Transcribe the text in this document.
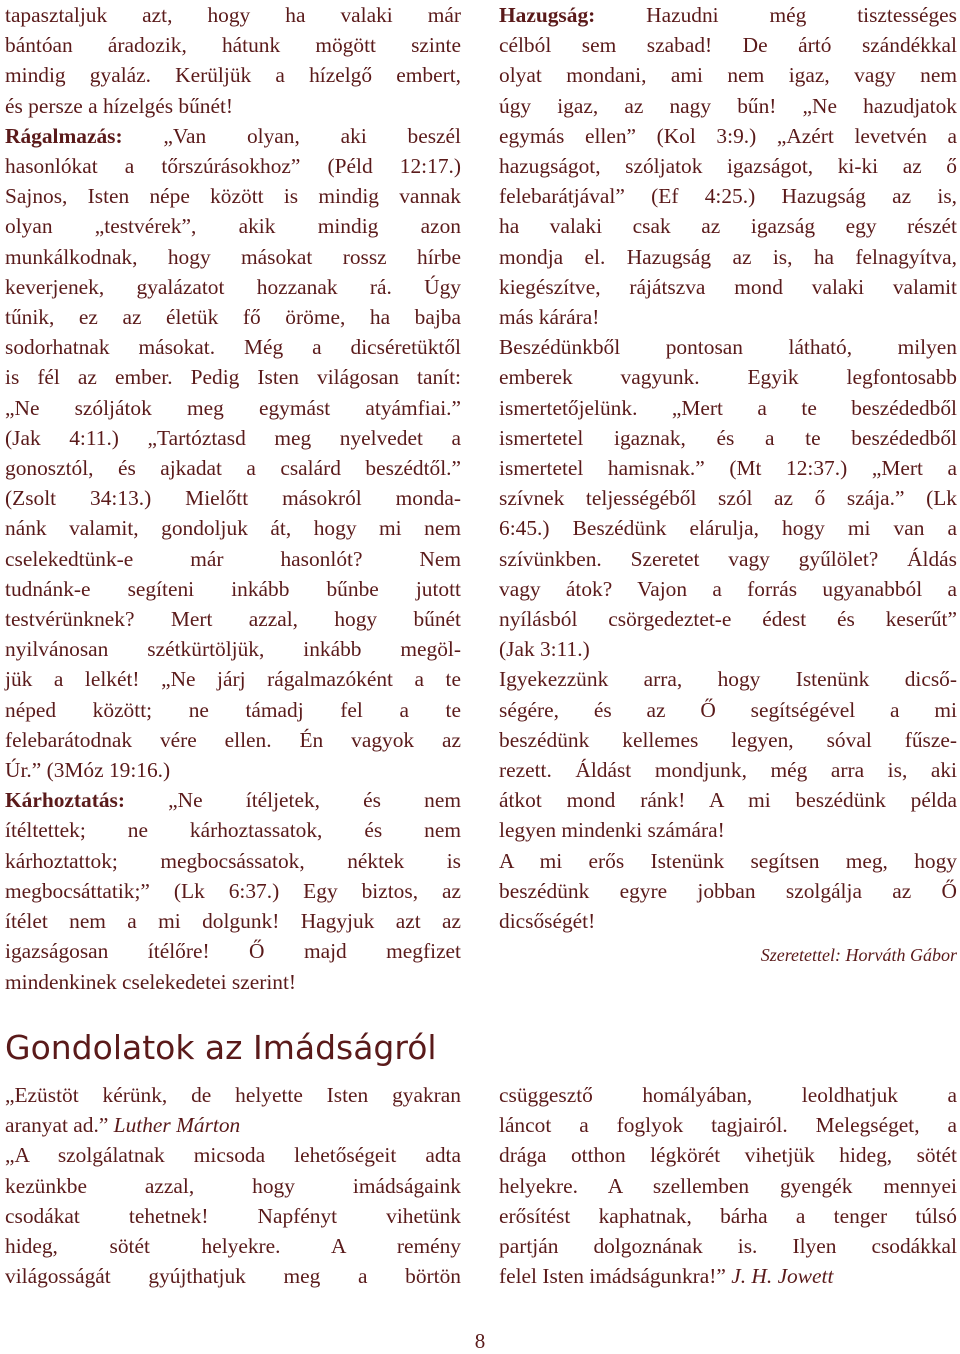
tapasztaljuk azt, hogy ha valaki már
bántóan áradozik, hátunk mögött szinte
mindig gyaláz. Kerüljük a hízelgő embert,
és persze a hízelgés bűnét!
Rágalmazás: „Van olyan, aki beszél
hasonlókat a tőrszúrásokhoz” (Péld 12:17.)
Sajnos, Isten népe között is mindig vannak
olyan „testvérek”, akik mindig azon
munkálkodnak, hogy másokat rossz hírbe
keverjenek, gyalázatot hozzanak rá. Úgy
tűnik, ez az életük fő öröme, ha bajba
sodorhatnak másokat. Még a dicséretüktől
is fél az ember. Pedig Isten világosan tanít:
„Ne szóljátok meg egymást atyámfiai.”
(Jak 4:11.) „Tartóztasd meg nyelvedet a
gonosztól, és ajkadat a csalárd beszédtől.”
(Zsolt 34:13.) Mielőtt másokról monda-
nánk valamit, gondoljuk át, hogy mi nem
cselekedtünk-e már hasonlót? Nem
tudnánk-e segíteni inkább bűnbe jutott
testvérünknek? Mert azzal, hogy bűnét
nyilvánosan szétkürtöljük, inkább megöl-
jük a lelkét! „Ne járj rágalmazóként a te
néped között; ne támadj fel a te
felebarátodnak vére ellen. Én vagyok az
Úr.” (3Móz 19:16.)
Kárhoztatás: „Ne ítéljetek, és nem
ítéltettek; ne kárhoztassatok, és nem
kárhoztattok; megbocsássatok, néktek is
megbocsáttatik;” (Lk 6:37.) Egy biztos, az
ítélet nem a mi dolgunk! Hagyjuk azt az
igazságosan ítélőre! Ő majd megfizet
mindenkinek cselekedetei szerint!
Hazugság: Hazudni még tisztességes
célból sem szabad! De ártó szándékkal
olyat mondani, ami nem igaz, vagy nem
úgy igaz, az nagy bűn! „Ne hazudjatok
egymás ellen” (Kol 3:9.) „Azért levetvén a
hazugságot, szóljatok igazságot, ki-ki az ő
felebarátjával” (Ef 4:25.) Hazugság az is,
ha valaki csak az igazság egy részét
mondja el. Hazugság az is, ha felnagyítva,
kiegészítve, rájátszva mond valaki valamit
más kárára!
Beszédünkből pontosan látható, milyen
emberek vagyunk. Egyik legfontosabb
ismertetőjelünk. „Mert a te beszédedből
ismertetel igaznak, és a te beszédedből
ismertetel hamisnak.” (Mt 12:37.) „Mert a
szívnek teljességéből szól az ő szája.” (Lk
6:45.) Beszédünk elárulja, hogy mi van a
szívünkben. Szeretet vagy gyűlölet? Áldás
vagy átok? Vajon a forrás ugyanabból a
nyílásból csörgedeztet-e édest és keserűt”
(Jak 3:11.)
Igyekezzünk arra, hogy Istenünk dicső-
ségére, és az Ő segítségével a mi
beszédünk kellemes legyen, sóval fűsze-
rezett. Áldást mondjunk, még arra is, aki
átkot mond ránk! A mi beszédünk példa
legyen mindenki számára!
A mi erős Istenünk segítsen meg, hogy
beszédünk egyre jobban szolgálja az Ő
dicsőségét!
Szeretettel: Horváth Gábor
Gondolatok az Imádságról
„Ezüstöt kérünk, de helyette Isten gyakran
aranyat ad.” Luther Márton
„A szolgálatnak micsoda lehetőségeit adta
kezünkbe azzal, hogy imádságaink
csodákat tehetnek! Napfényt vihetünk
hideg, sötét helyekre. A remény
világosságát gyújthatjuk meg a börtön
csüggesztő homályában, leoldhatjuk a
láncot a foglyok tagjairól. Melegséget, a
drága otthon légkörét vihetjük hideg, sötét
helyekre. A szellemben gyengék mennyei
erősítést kaphatnak, bárha a tenger túlsó
partján dolgoznának is. Ilyen csodákkal
felel Isten imádságunkra!” J. H. Jowett
8
